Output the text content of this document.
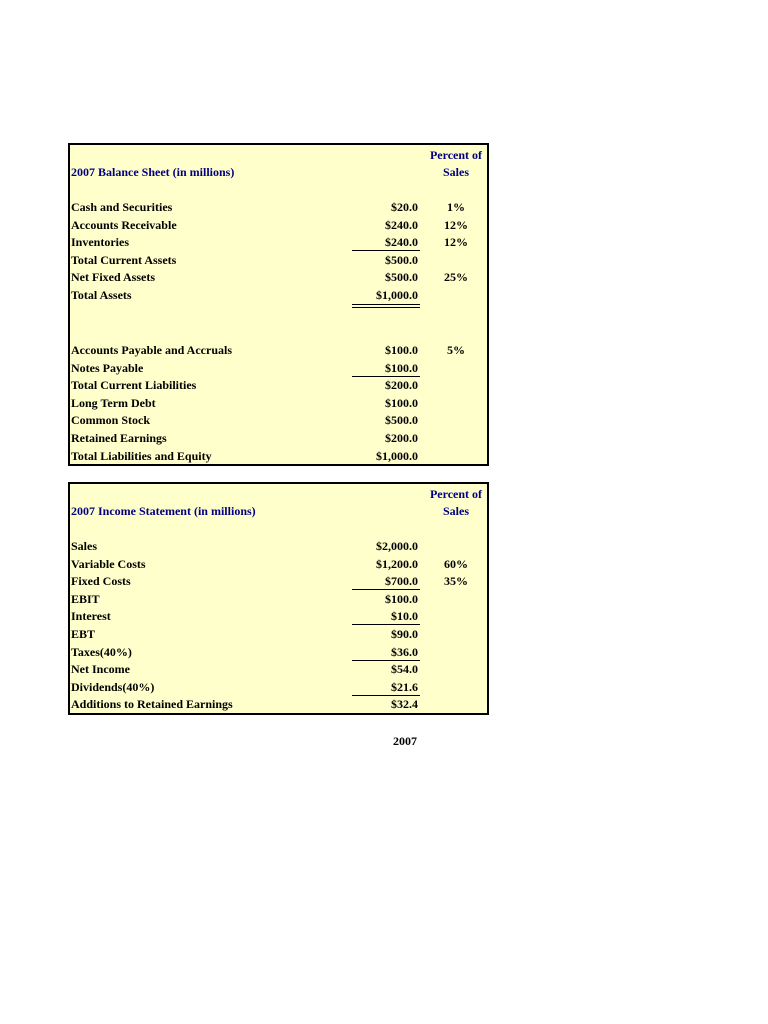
2007 Balance Sheet (in millions)
Percent of
Sales
Cash and Securities	$20.0	1%
Accounts Receivable	$240.0	12%
Inventories	$240.0	12%
Total Current Assets	$500.0
Net Fixed Assets	$500.0	25%
Total Assets	$1,000.0
Accounts Payable and Accruals	$100.0	5%
Notes Payable	$100.0
Total Current Liabilities	$200.0
Long Term Debt	$100.0
Common Stock	$500.0
Retained Earnings	$200.0
Total Liabilities and Equity	$1,000.0
2007 Income Statement (in millions)
Percent of
Sales
Sales	$2,000.0
Variable Costs	$1,200.0	60%
Fixed Costs	$700.0	35%
EBIT	$100.0
Interest	$10.0
EBT	$90.0
Taxes(40%)	$36.0
Net Income	$54.0
Dividends(40%)	$21.6
Additions to Retained Earnings	$32.4
2007
